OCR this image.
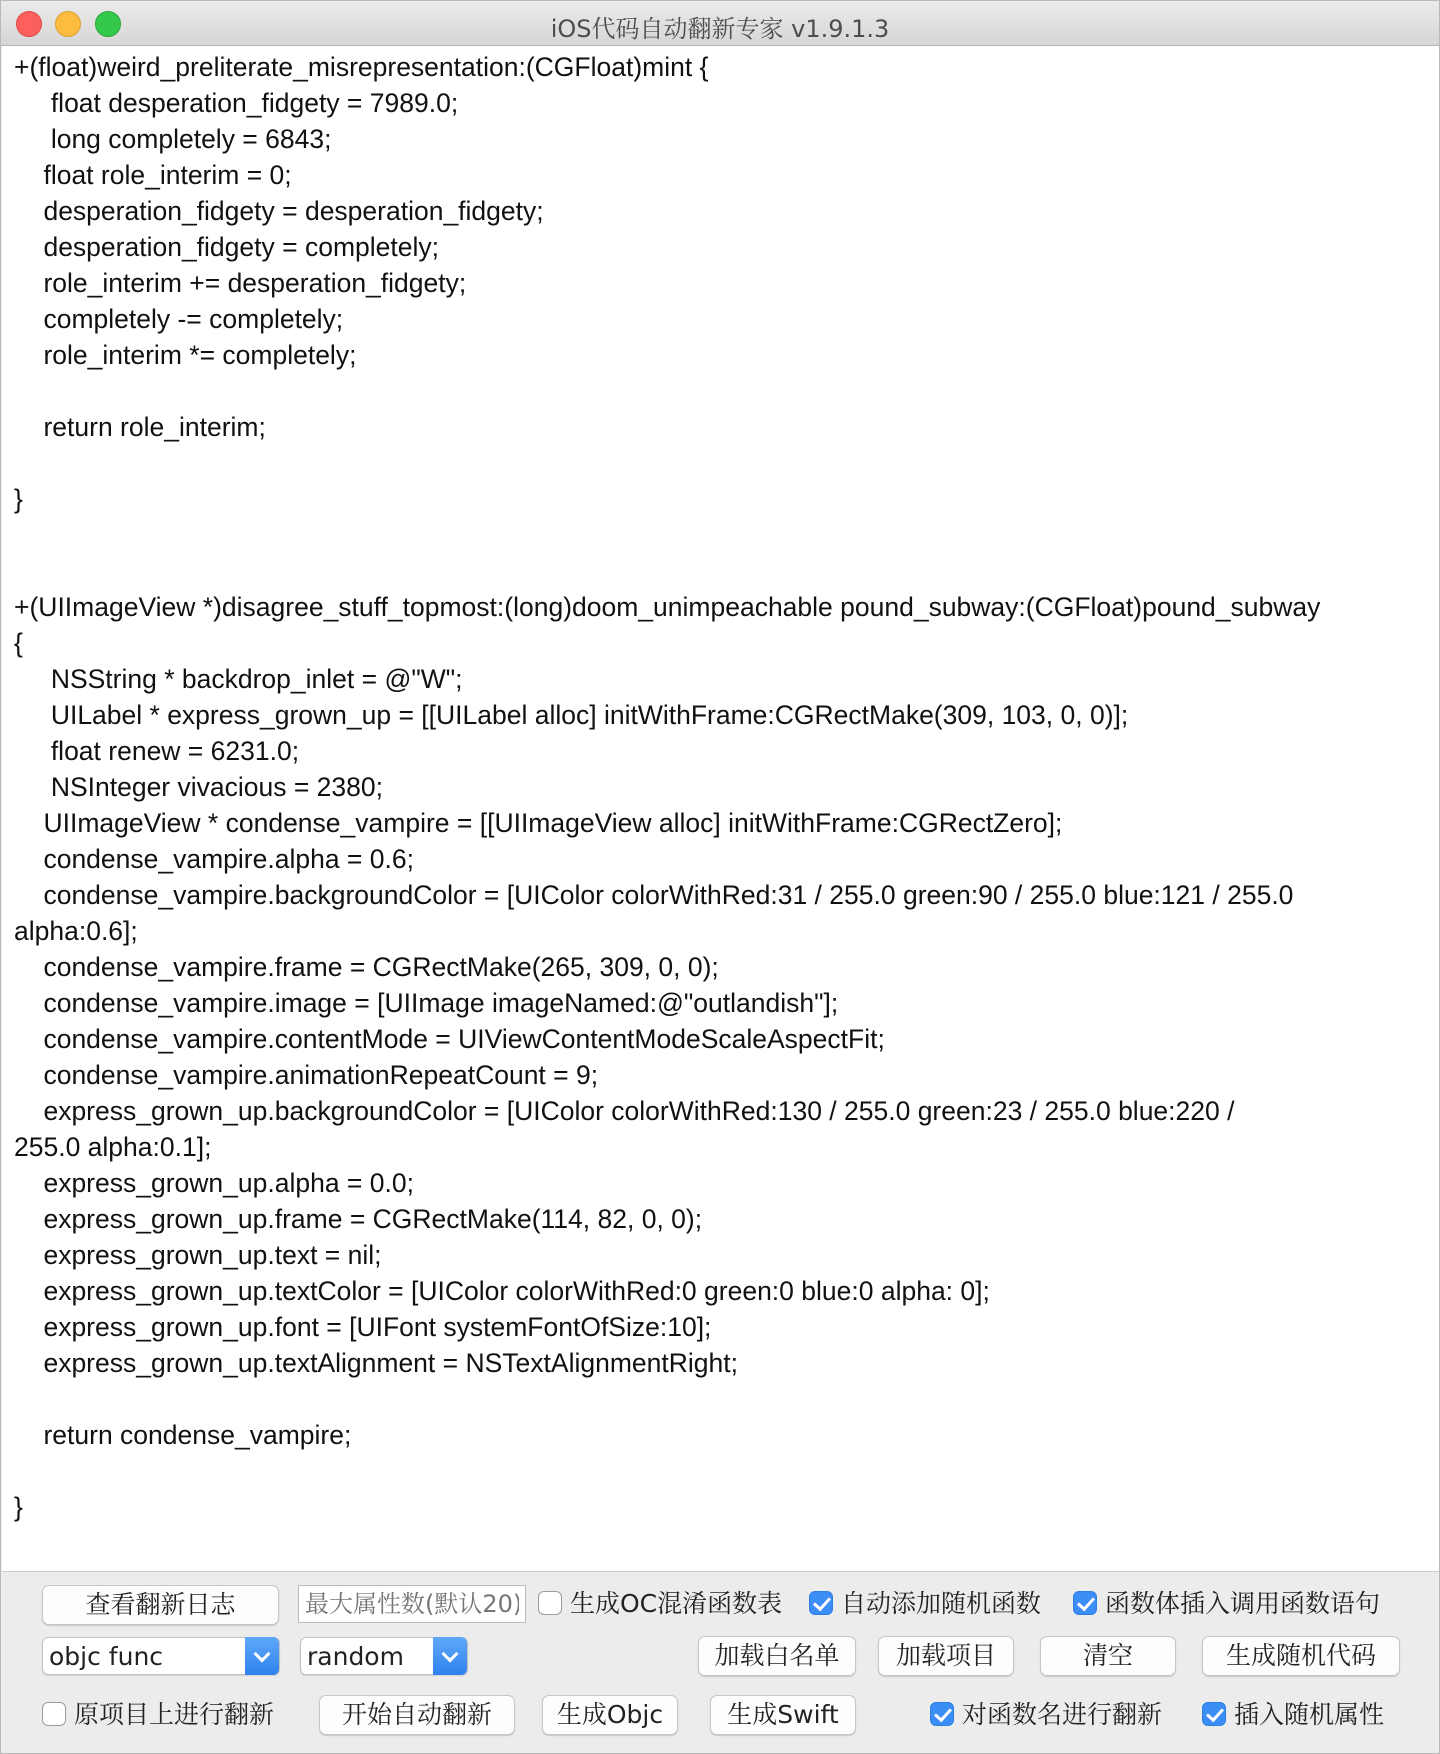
iOS代码自动翻新专家 v1.9.1.3
+(float)weird_preliterate_misrepresentation:(CGFloat)mint {
float desperation_fidgety = 7989.0;
long completely = 6843;
float role_interim = 0;
desperation_fidgety = desperation_fidgety;
desperation_fidgety = completely;
role_interim += desperation_fidgety;
completely -= completely;
role_interim *= completely;

return role_interim;

}

+(UIImageView *)disagree_stuff_topmost:(long)doom_unimpeachable pound_subway:(CGFloat)pound_subway
{
NSString * backdrop_inlet = @"W";
UILabel * express_grown_up = [[UILabel alloc] initWithFrame:CGRectMake(309, 103, 0, 0)];
float renew = 6231.0;
NSInteger vivacious = 2380;
UIImageView * condense_vampire = [[UIImageView alloc] initWithFrame:CGRectZero];
condense_vampire.alpha = 0.6;
condense_vampire.backgroundColor = [UIColor colorWithRed:31 / 255.0 green:90 / 255.0 blue:121 / 255.0
alpha:0.6];
condense_vampire.frame = CGRectMake(265, 309, 0, 0);
condense_vampire.image = [UIImage imageNamed:@"outlandish"];
condense_vampire.contentMode = UIViewContentModeScaleAspectFit;
condense_vampire.animationRepeatCount = 9;
express_grown_up.backgroundColor = [UIColor colorWithRed:130 / 255.0 green:23 / 255.0 blue:220 /
255.0 alpha:0.1];
express_grown_up.alpha = 0.0;
express_grown_up.frame = CGRectMake(114, 82, 0, 0);
express_grown_up.text = nil;
express_grown_up.textColor = [UIColor colorWithRed:0 green:0 blue:0 alpha: 0];
express_grown_up.font = [UIFont systemFontOfSize:10];
express_grown_up.textAlignment = NSTextAlignmentRight;

return condense_vampire;

}
查看翻新日志
最大属性数(默认20)	生成OC混淆函数表	自动添加随机函数	函数体插入调用函数语句
objc func	random	加载白名单	加载项目	清空	生成随机代码
原项目上进行翻新	开始自动翻新	生成Objc	生成Swift	对函数名进行翻新	插入随机属性
